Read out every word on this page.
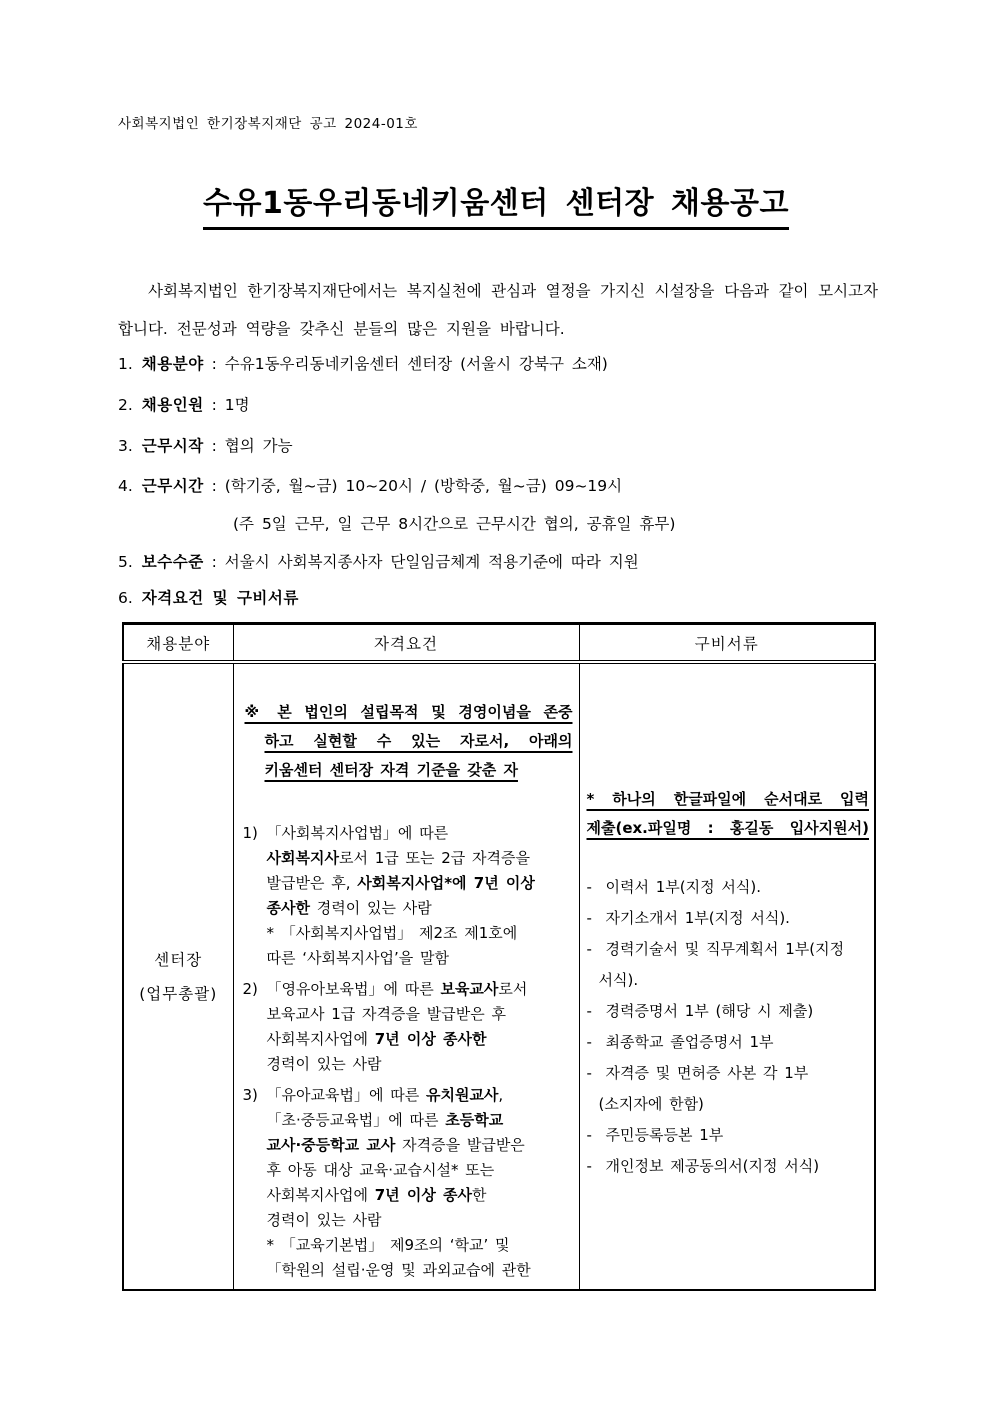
사회복지법인 한기장복지재단 공고 2024-01호
수유1동우리동네키움센터 센터장 채용공고
사회복지법인 한기장복지재단에서는 복지실천에 관심과 열정을 가지신 시설장을 다음과 같이 모시고자 합니다. 전문성과 역량을 갖추신 분들의 많은 지원을 바랍니다.
1. 채용분야 : 수유1동우리동네키움센터 센터장 (서울시 강북구 소재)
2. 채용인원 : 1명
3. 근무시작 : 협의 가능
4. 근무시간 : (학기중, 월~금) 10~20시 / (방학중, 월~금) 09~19시
(주 5일 근무, 일 근무 8시간으로 근무시간 협의, 공휴일 휴무)
5. 보수수준 : 서울시 사회복지종사자 단일임금체계 적용기준에 따라 지원
6. 자격요건 및 구비서류
채용분야	자격요건	구비서류

센터장
(업무총괄)

※ 본 법인의 설립목적 및 경영이념을 존중
하고 실현할 수 있는 자로서, 아래의
키움센터 센터장 자격 기준을 갖춘 자
1) 「사회복지사업법」에 따른
사회복지사로서 1급 또는 2급 자격증을
발급받은 후, 사회복지사업*에 7년 이상
종사한 경력이 있는 사람
* 「사회복지사업법」 제2조 제1호에
따른 ‘사회복지사업’을 말함
2) 「영유아보육법」에 따른 보육교사로서
보육교사 1급 자격증을 발급받은 후
사회복지사업에 7년 이상 종사한
경력이 있는 사람
3) 「유아교육법」에 따른 유치원교사,
「초·중등교육법」에 따른 초등학교
교사·중등학교 교사 자격증을 발급받은
후 아동 대상 교육·교습시설* 또는
사회복지사업에 7년 이상 종사한
경력이 있는 사람
* 「교육기본법」 제9조의 ‘학교’ 및
「학원의 설립·운영 및 과외교습에 관한

* 하나의 한글파일에 순서대로 입력
제출(ex.파일명 : 홍길동 입사지원서)
- 이력서 1부(지정 서식).
- 자기소개서 1부(지정 서식).
- 경력기술서 및 직무계획서 1부(지정
서식).
- 경력증명서 1부 (해당 시 제출)
- 최종학교 졸업증명서 1부
- 자격증 및 면허증 사본 각 1부
(소지자에 한함)
- 주민등록등본 1부
- 개인정보 제공동의서(지정 서식)
